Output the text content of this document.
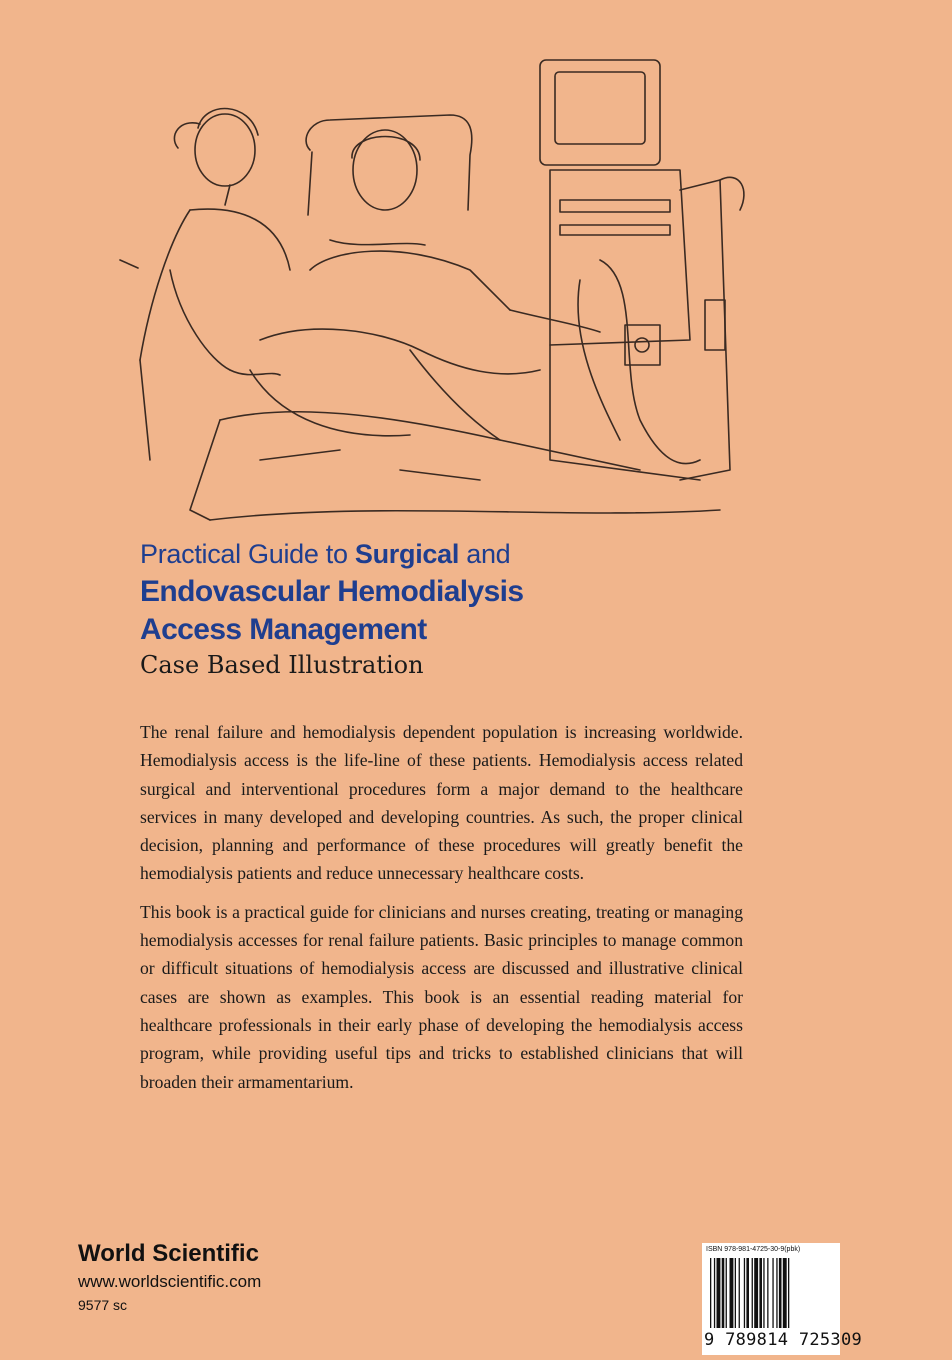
Practical Guide to Surgical and
Endovascular Hemodialysis
Access Management
Case Based Illustration

The renal failure and hemodialysis dependent population is increasing worldwide. Hemodialysis access is the life-line of these patients. Hemodialysis access related surgical and interventional procedures form a major demand to the healthcare services in many developed and developing countries. As such, the proper clinical decision, planning and performance of these procedures will greatly benefit the hemodialysis patients and reduce unnecessary healthcare costs.

This book is a practical guide for clinicians and nurses creating, treating or managing hemodialysis accesses for renal failure patients. Basic principles to manage common or difficult situations of hemodialysis access are discussed and illustrative clinical cases are shown as examples. This book is an essential reading material for healthcare professionals in their early phase of developing the hemodialysis access program, while providing useful tips and tricks to established clinicians that will broaden their armamentarium.

World Scientific
www.worldscientific.com
9577 sc
ISBN 978-981-4725-30-9(pbk)
9 789814 725309
